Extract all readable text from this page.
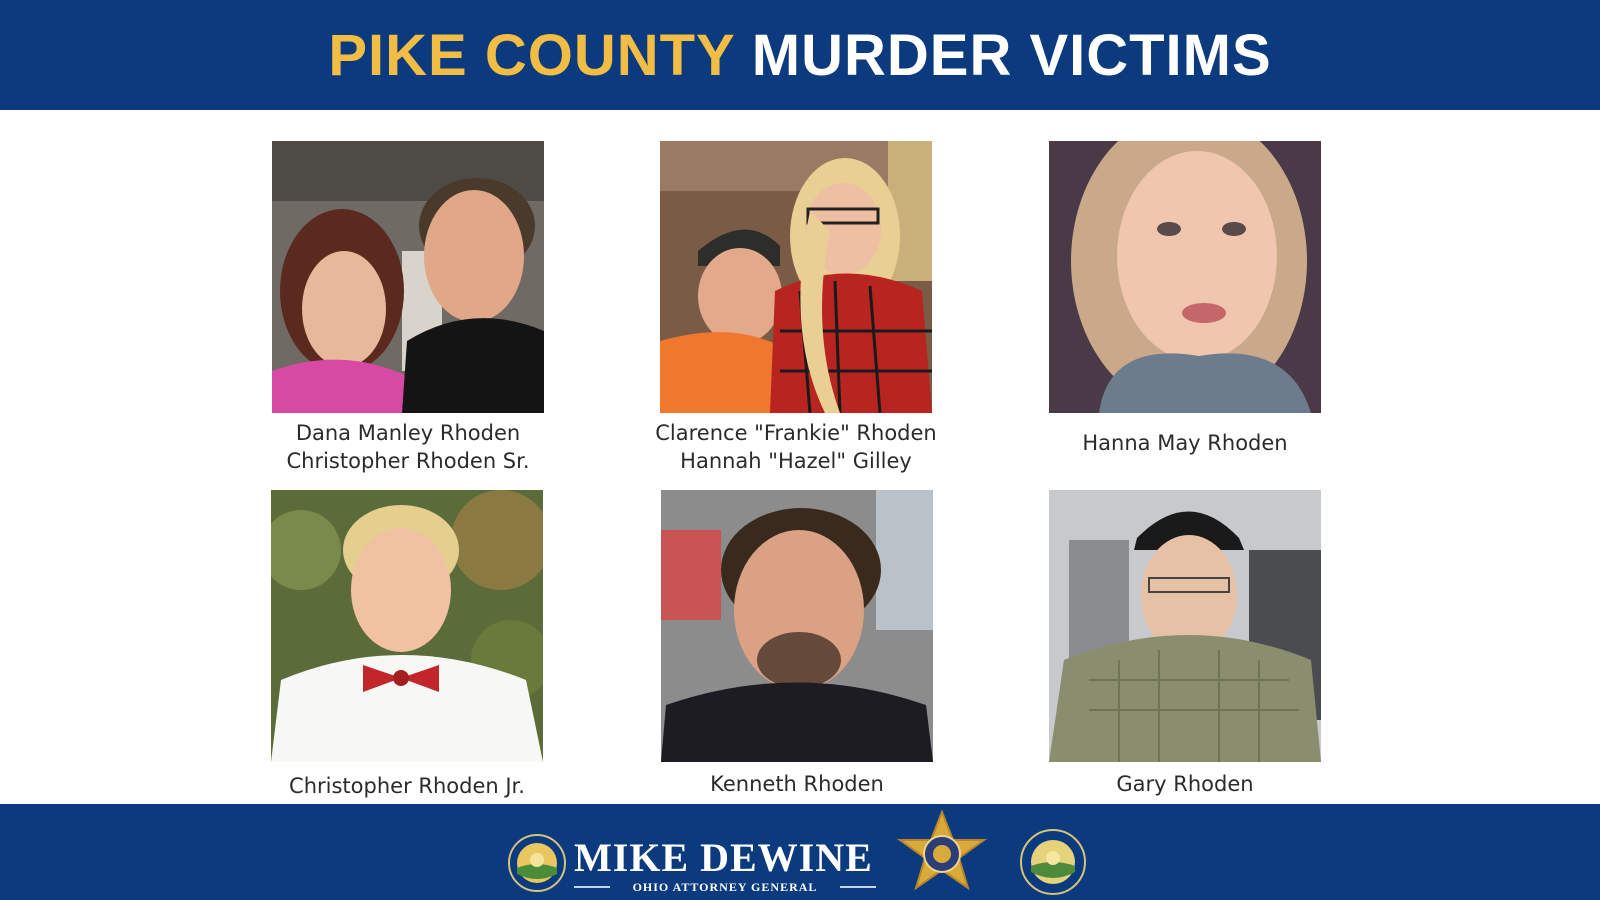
PIKE COUNTY MURDER VICTIMS
Dana Manley Rhoden
Christopher Rhoden Sr.
Clarence "Frankie" Rhoden
Hannah "Hazel" Gilley
Hanna May Rhoden
Christopher Rhoden Jr.	Kenneth Rhoden	Gary Rhoden
MIKE DEWINE
OHIO ATTORNEY GENERAL
